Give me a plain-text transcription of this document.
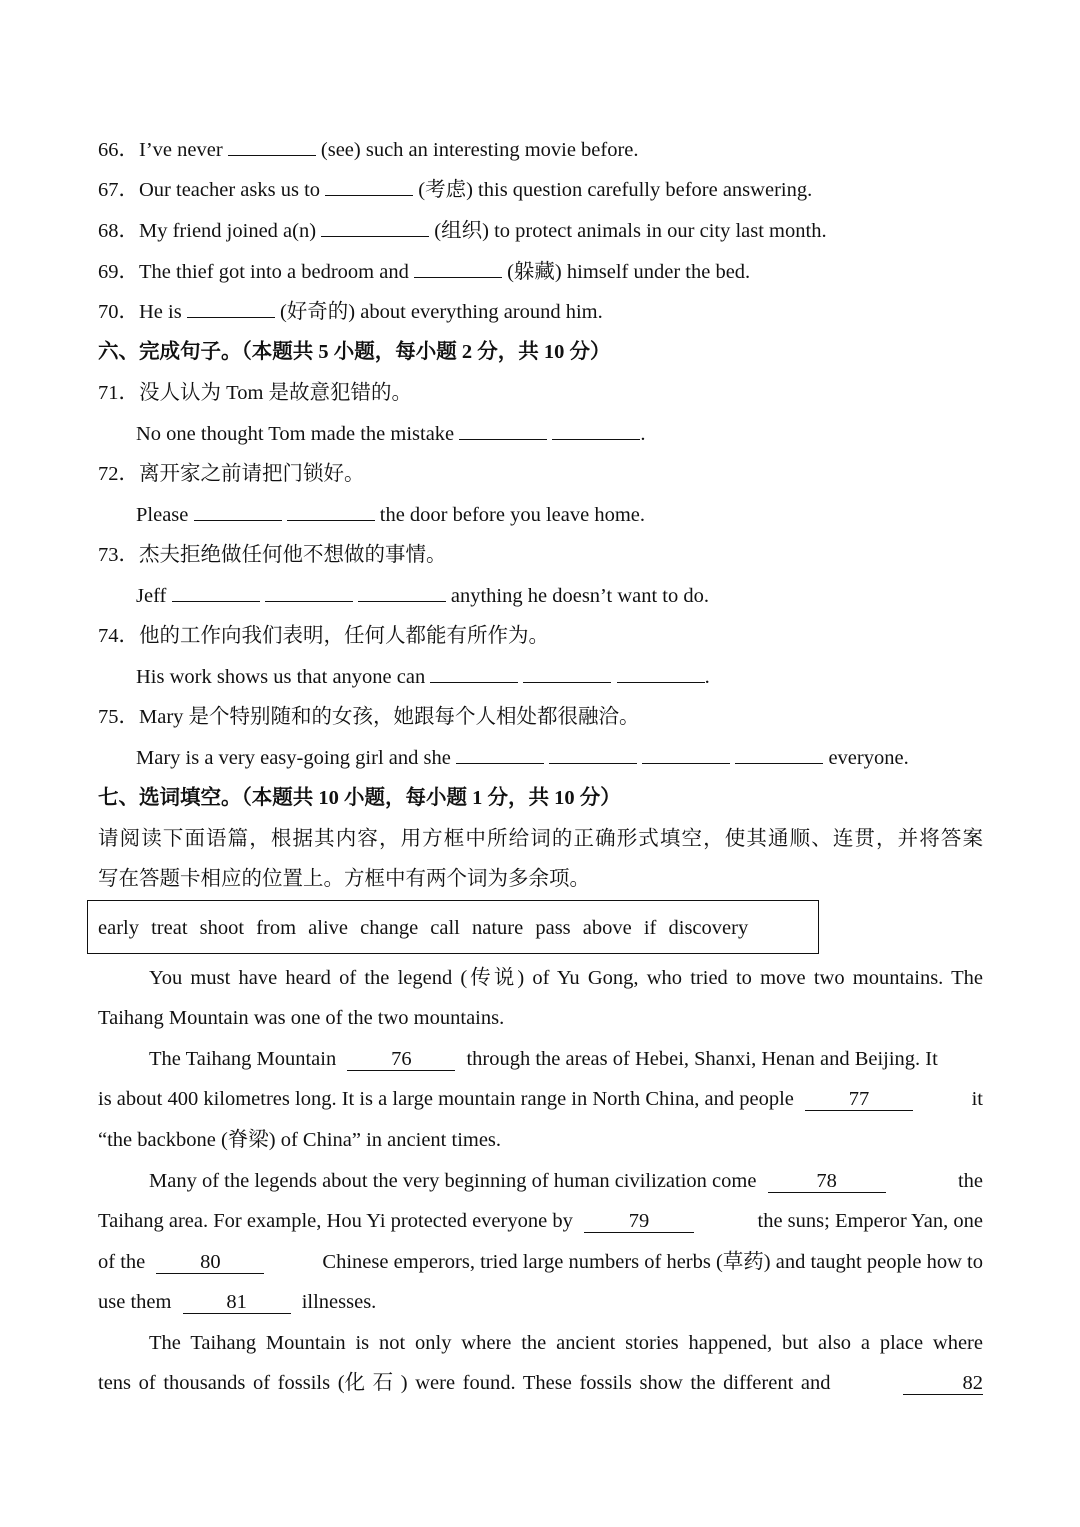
66．I’ve never	(see) such an interesting movie before.
67．Our teacher asks us to	(考虑) this question carefully before answering.
68．My friend joined a(n)	(组织) to protect animals in our city last month.
69．The thief got into a bedroom and	(躲藏) himself under the bed.
70．He is	(好奇的) about everything around him.
六、完成句子。（本题共 5 小题，每小题 2 分，共 10 分）
71．没人认为 Tom 是故意犯错的。
No one thought Tom made the mistake	.
72．离开家之前请把门锁好。
Please	the door before you leave home.
73．杰夫拒绝做任何他不想做的事情。
Jeff	anything he doesn’t want to do.
74．他的工作向我们表明，任何人都能有所作为。
His work shows us that anyone can	.
75．Mary 是个特别随和的女孩，她跟每个人相处都很融洽。
Mary is a very easy-going girl and she	everyone.
七、选词填空。（本题共 10 小题，每小题 1 分，共 10 分）
请阅读下面语篇，根据其内容，用方框中所给词的正确形式填空，使其通顺、连贯，并将答案
写在答题卡相应的位置上。方框中有两个词为多余项。
early treat shoot from alive change call nature pass above if discovery
You must have heard of the legend (传说) of Yu Gong, who tried to move two mountains. The
Taihang Mountain was one of the two mountains.
The Taihang Mountain	76	through the areas of Hebei, Shanxi, Henan and Beijing. It
is about 400 kilometres long. It is a large mountain range in North China, and people	77	it
“the backbone (脊梁) of China” in ancient times.
Many of the legends about the very beginning of human civilization come	78	the
Taihang area. For example, Hou Yi protected everyone by	79	the suns; Emperor Yan, one
of the	80	Chinese emperors, tried large numbers of herbs (草药) and taught people how to
use them	81	illnesses.
The Taihang Mountain is not only where the ancient stories happened, but also a place where
tens of thousands of fossils (化 石 ) were found. These fossils show the different and	82
